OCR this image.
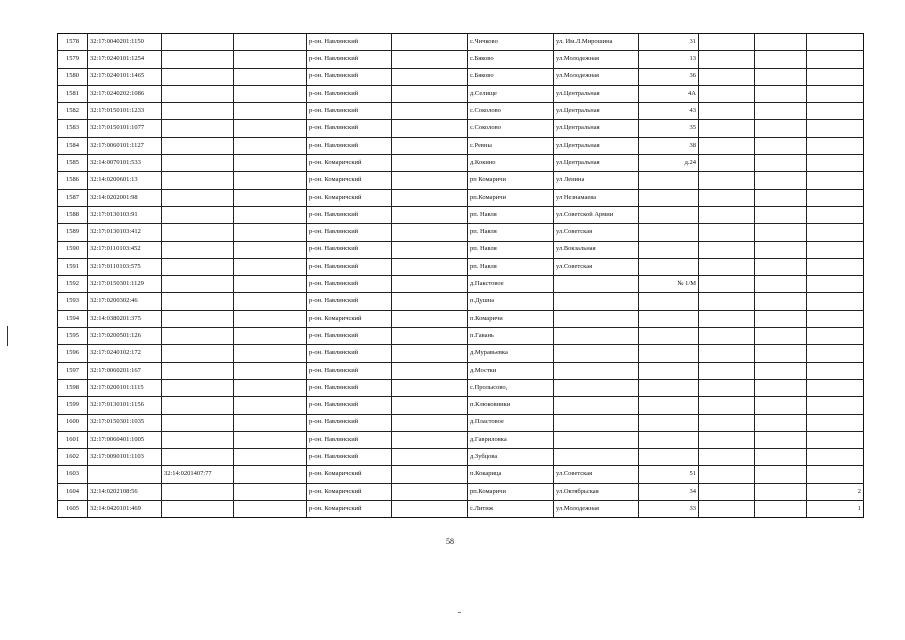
1578	32:17:0040201:1150			р-он. Навлинский		с.Чичково	ул. Им.Л.Мирошина	31			
1579	32:17:0240101:1254			р-он. Навлинский		с.Бяково	ул.Молодежная	13			
1580	32:17:0240101:1465			р-он. Навлинский		с.Бяково	ул.Молодежная	36			
1581	32:17:0240202:1086			р-он. Навлинский		д.Селище	ул.Центральная	4А			
1582	32:17:0150101:1233			р-он. Навлинский		с.Соколово	ул.Центральная	43			
1583	32:17:0150101:1077			р-он. Навлинский		с.Соколово	ул.Центральная	35			
1584	32:17:0060101:1127			р-он. Навлинский		с.Ревны	ул.Центральная	38			
1585	32:14:0070101:533			р-он. Комаричский		д.Кокино	ул.Центральная	д.24			
1586	32:14:0200601:13			р-он. Комаричский		рп Комаричи	ул Ленина				
1587	32:14:0202001:98			р-он. Комаричский		рп.Комаричи	ул Незнамаева				
1588	32:17:0130103:91			р-он. Навлинский		рп. Навля	ул.Советской Армии				
1589	32:17:0130103:412			р-он. Навлинский		рп. Навля	ул.Советская				
1590	32:17:0110103:452			р-он. Навлинский		рп. Навля	ул.Вокзальная				
1591	32:17:0110103:575			р-он. Навлинский		рп. Навля	ул.Советская				
1592	32:17:0150301:1129			р-он. Навлинский		д.Пакстовое		№ 1/М			
1593	32:17:0200302:46			р-он. Навлинский		п.Душна					
1594	32:14:0380201:375			р-он. Комаричский		п.Комаричи					
1595	32:17:0200501:126			р-он. Навлинский		п.Гавань					
1596	32:17:0240102:172			р-он. Навлинский		д.Муравьевка					
1597	32:17:0060201:167			р-он. Навлинский		д.Мостки					
1598	32:17:0200101:1115			р-он. Навлинский		с.Пролысово,					
1599	32:17:0130101:1156			р-он. Навлинский		п.Клюковники					
1600	32:17:0150301:1035			р-он. Навлинский		д.Пластовое					
1601	32:17:0060401:1005			р-он. Навлинский		д.Гавриловка					
1602	32:17:0090101:1103			р-он. Навлинский		д.Зубцова					
1603		32:14:0201407:77		р-он. Комаричский		п.Кокарица	ул.Советская	51			
1604	32:14:0202108:56			р-он. Комаричский		рп.Комаричи	ул.Октябрьская	34			2
1605	32:14:0420101:469			р-он. Комаричский		с.Литиж	ул.Молодежная	33			1
58
